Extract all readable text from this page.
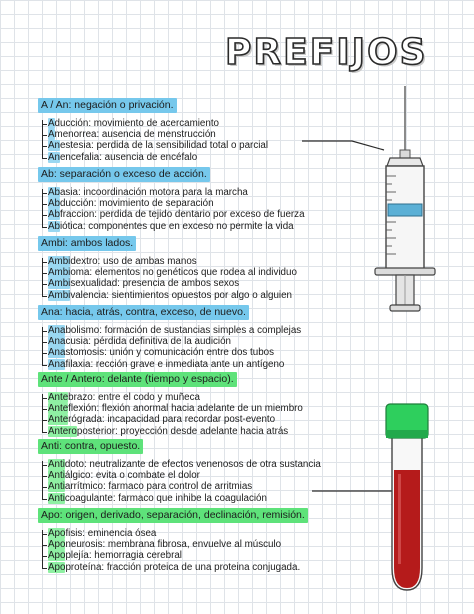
PREFIJOS
A / An: negación o privación.
Aducción: movimiento de acercamiento
Amenorrea: ausencia de menstrucción
Anestesia: perdida de la sensibilidad total o parcial
Anencefalia: ausencia de encéfalo
Ab: separación o exceso de acción.
Abasia: incoordinación motora para la marcha
Abducción: movimiento de separación
Abfraccion: perdida de tejido dentario por exceso de fuerza
Abiótica: componentes que en exceso no permite la vida
Ambi: ambos lados.
Ambidextro: uso de ambas manos
Ambioma: elementos no genéticos que rodea al individuo
Ambisexualidad: presencia de ambos sexos
Ambivalencia: sientimientos opuestos por algo o alguien
Ana: hacia, atrás, contra, exceso, de nuevo.
Anabolismo: formación de sustancias simples a complejas
Anacusia: pérdida definitiva de la audición
Anastomosis: unión y comunicación entre dos tubos
Anafilaxia: rección grave e inmediata ante un antígeno
Ante / Antero: delante (tiempo y espacio).
Antebrazo: entre el codo y muñeca
Anteflexión: flexión anormal hacia adelante de un miembro
Anterógrada: incapacidad para recordar post-evento
Anteroposterior: proyección desde adelante hacia atrás
Anti: contra, opuesto.
Antidoto: neutralizante de efectos venenosos de otra sustancia
Antiálgico: evita o combate el dolor
Antiarrítmico: farmaco para control de arritmias
Anticoagulante: farmaco que inhibe la coagulación
Apo: origen, derivado, separación, declinación, remisión.
Apofisis: eminencia ósea
Aponeurosis: membrana fibrosa, envuelve al músculo
Apoplejía: hemorragia cerebral
Apoproteína: fracción proteica de una proteina conjugada.
